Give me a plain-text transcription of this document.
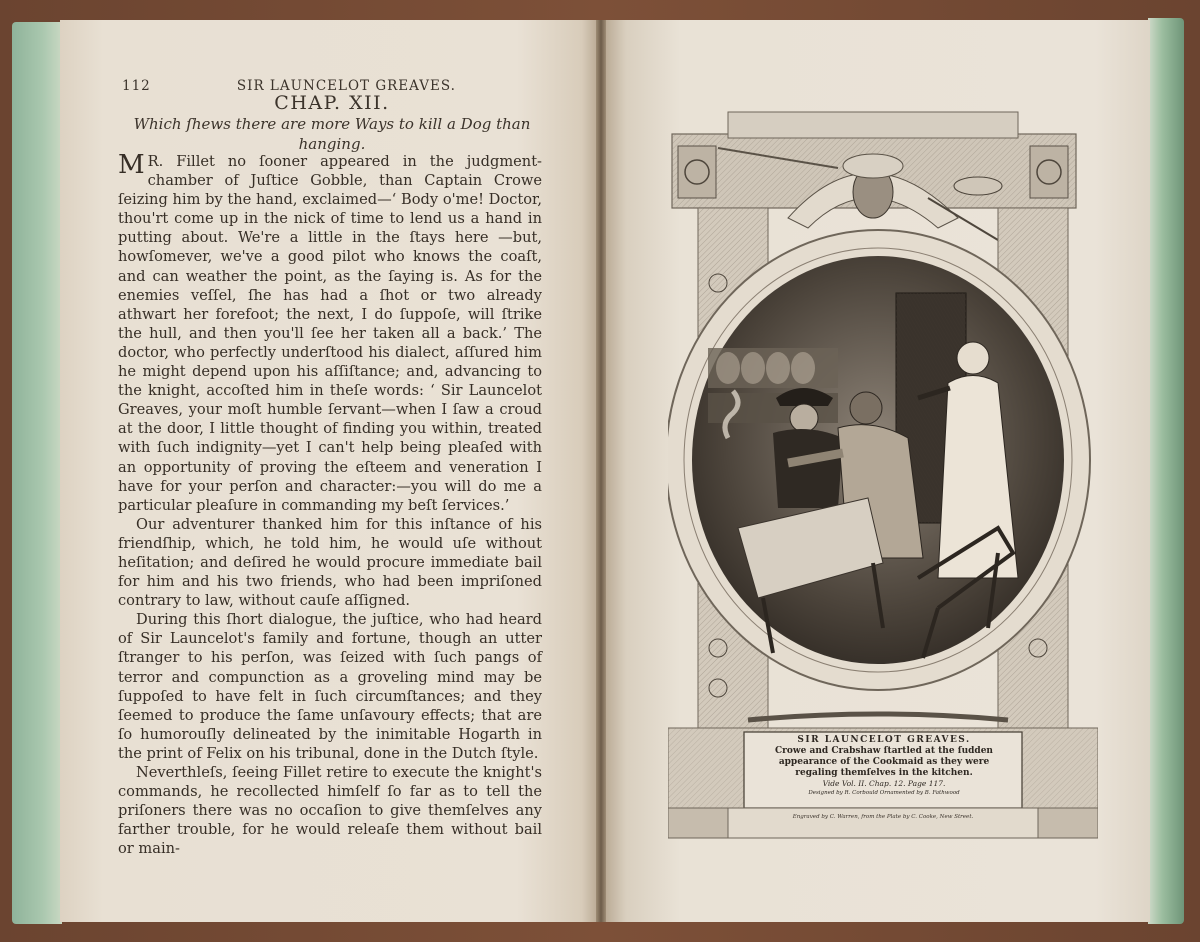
112	SIR LAUNCELOT GREAVES.
CHAP. XII.
Which ſhews there are more Ways to kill a Dog than hanging.

M R. Fillet no ſooner appeared in the judgment-chamber of Juſtice Gobble, than Captain Crowe ſeizing him by the hand, exclaimed—‘ Body o'me! Doctor, thou'rt come up in the nick of time to lend us a hand in putting about. We're a little in the ſtays here —but, howſomever, we've a good pilot who knows the coaſt, and can weather the point, as the ſaying is. As for the enemies veſſel, ſhe has had a ſhot or two already athwart her forefoot; the next, I do ſuppoſe, will ſtrike the hull, and then you'll ſee her taken all a back.’ The doctor, who perfectly underſtood his dialect, aſſured him he might depend upon his aſſiſtance; and, advancing to the knight, accoſted him in theſe words: ‘ Sir Launcelot Greaves, your moſt humble ſervant—when I ſaw a croud at the door, I little thought of finding you within, treated with ſuch indignity—yet I can't help being pleaſed with an opportunity of proving the eſteem and veneration I have for your perſon and character:—you will do me a particular pleaſure in commanding my beſt ſervices.’

Our adventurer thanked him for this inſtance of his friendſhip, which, he told him, he would uſe without heſitation; and deſired he would procure immediate bail for him and his two friends, who had been impriſoned contrary to law, without cauſe aſſigned.

During this ſhort dialogue, the juſtice, who had heard of Sir Launcelot's family and fortune, though an utter ſtranger to his perſon, was ſeized with ſuch pangs of terror and compunction as a groveling mind may be ſuppoſed to have felt in ſuch circumſtances; and they ſeemed to produce the ſame unſavoury effects; that are ſo humorouſly delineated by the inimitable Hogarth in the print of Felix on his tribunal, done in the Dutch ſtyle.

Neverthleſs, ſeeing Fillet retire to execute the knight's commands, he recollected himſelf ſo far as to tell the priſoners there was no occaſion to give themſelves any farther trouble, for he would releaſe them without bail or main-

SIR LAUNCELOT GREAVES.
Crowe and Crabshaw ſtartled at the ſudden
appearance of the Cookmaid as they were
regaling themſelves in the kitchen.
Vide Vol. II. Chap. 12. Page 117.
Designed by R. Corbould Ornamented by B. Fathwood
Engraved by C. Warren, from the Plate by C. Cooke, New Street.
